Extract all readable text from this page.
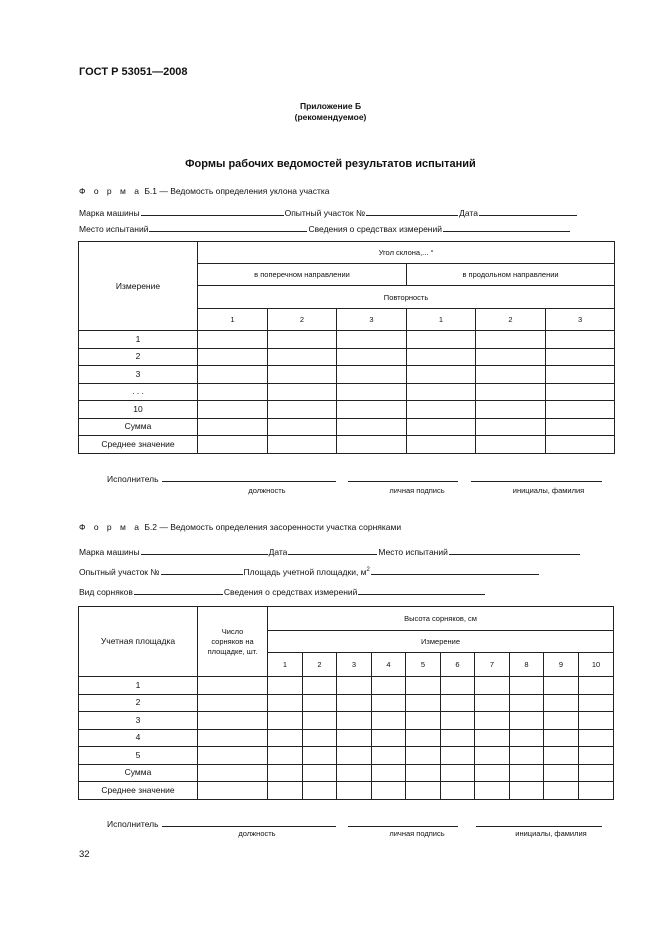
ГОСТ Р 53051—2008
Приложение Б
(рекомендуемое)
Формы рабочих ведомостей результатов испытаний
Ф о р м а Б.1 — Ведомость определения уклона участка
Марка машины	Опытный участок №	Дата
Место испытаний	Сведения о средствах измерений
Измерение	Угол склона,... °					
	в поперечном направлении			в продольном направлении		
	Повторность					
	1	2	3	1	2	3
1						
2						
3						
. . .						
10						
Сумма						
Среднее значение						
Исполнитель
должность	личная подпись	инициалы, фамилия
Ф о р м а Б.2 — Ведомость определения засоренности участка сорняками
Марка машины	Дата	Место испытаний
Опытный участок №	Площадь учетной площадки, $м^2$
Вид сорняков	Сведения о средствах измерений
Учетная площадка	Число
сорняков на
площадке, шт.	Высота сорняков, см									
		Измерение									
		1	2	3	4	5	6	7	8	9	10
1											
2											
3											
4											
5											
Сумма											
Среднее значение											
Исполнитель
должность	личная подпись	инициалы, фамилия
32
